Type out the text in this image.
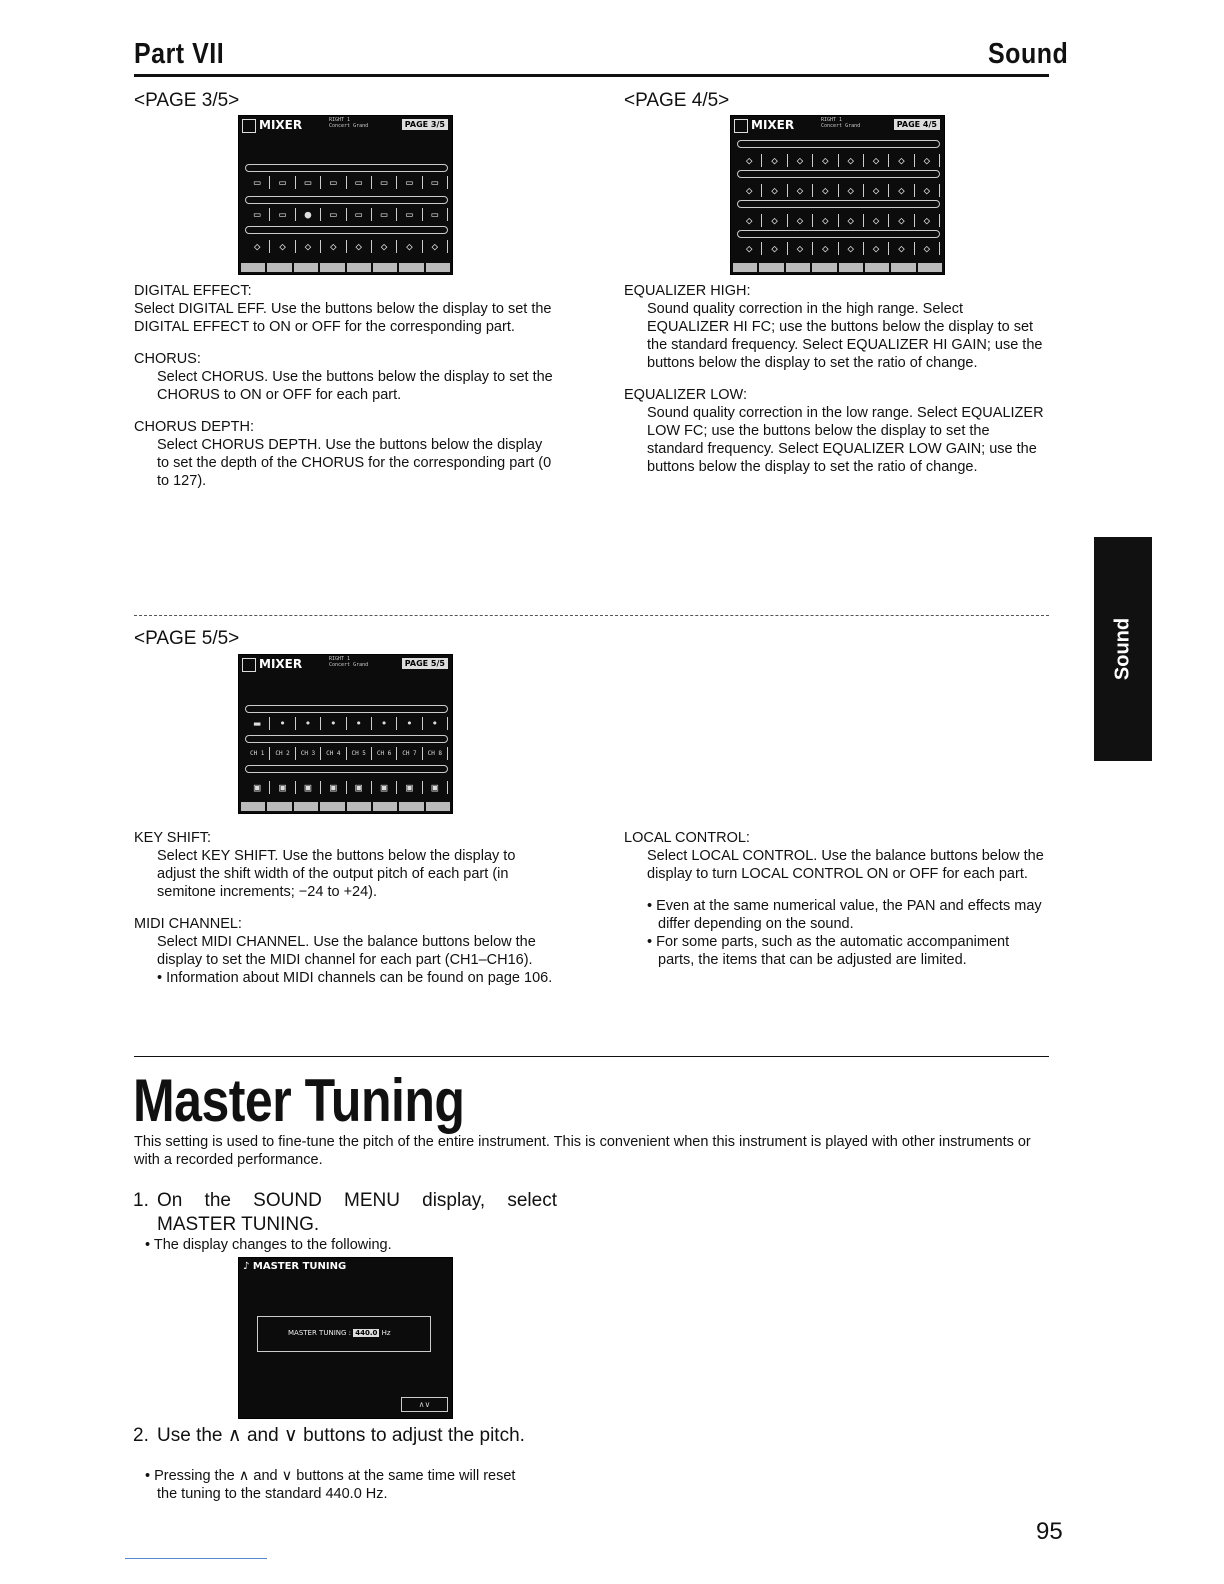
Part VII	Sound
Sound
<PAGE 3/5>
MIXER	RIGHT 1
Concert Grand	PAGE 3/5
▭	▭	▭	▭	▭	▭	▭	▭
▭	▭	●	▭	▭	▭	▭	▭
◇	◇	◇	◇	◇	◇	◇	◇

DIGITAL EFFECT:

Select DIGITAL EFF. Use the buttons below the display to set the DIGITAL EFFECT to ON or OFF for the corresponding part.

CHORUS:

Select CHORUS. Use the buttons below the display to set the CHORUS to ON or OFF for each part.

CHORUS DEPTH:

Select CHORUS DEPTH. Use the buttons below the display to set the depth of the CHORUS for the corresponding part (0 to 127).

<PAGE 4/5>
MIXER	RIGHT 1
Concert Grand	PAGE 4/5
◇	◇	◇	◇	◇	◇	◇	◇
◇	◇	◇	◇	◇	◇	◇	◇
◇	◇	◇	◇	◇	◇	◇	◇
◇	◇	◇	◇	◇	◇	◇	◇

EQUALIZER HIGH:

Sound quality correction in the high range. Select EQUALIZER HI FC; use the buttons below the display to set the standard frequency. Select EQUALIZER HI GAIN; use the buttons below the display to set the ratio of change.

EQUALIZER LOW:

Sound quality correction in the low range. Select EQUALIZER LOW FC; use the buttons below the display to set the standard frequency. Select EQUALIZER LOW GAIN; use the buttons below the display to set the ratio of change.

<PAGE 5/5>
MIXER	RIGHT 1
Concert Grand	PAGE 5/5
▬	•	•	•	•	•	•	•
CH 1	CH 2	CH 3	CH 4	CH 5	CH 6	CH 7	CH 8
▣	▣	▣	▣	▣	▣	▣	▣

KEY SHIFT:

Select KEY SHIFT. Use the buttons below the display to adjust the shift width of the output pitch of each part (in semitone increments; −24 to +24).

MIDI CHANNEL:

Select MIDI CHANNEL. Use the balance buttons below the display to set the MIDI channel for each part (CH1–CH16).

• Information about MIDI channels can be found on page 106.

LOCAL CONTROL:

Select LOCAL CONTROL. Use the balance buttons below the display to turn LOCAL CONTROL ON or OFF for each part.

• Even at the same numerical value, the PAN and effects may differ depending on the sound.

• For some parts, such as the automatic accompaniment parts, the items that can be adjusted are limited.

Master Tuning
This setting is used to fine-tune the pitch of the entire instrument. This is convenient when this instrument is played with other instruments or with a recorded performance.
1. On the SOUND MENU display, select
MASTER TUNING.
• The display changes to the following.
♪ MASTER TUNING
MASTER TUNING : 440.0 Hz
∧∨
2. Use the ∧ and ∨ buttons to adjust the pitch.
• Pressing the ∧ and ∨ buttons at the same time will reset
the tuning to the standard 440.0 Hz.
95
